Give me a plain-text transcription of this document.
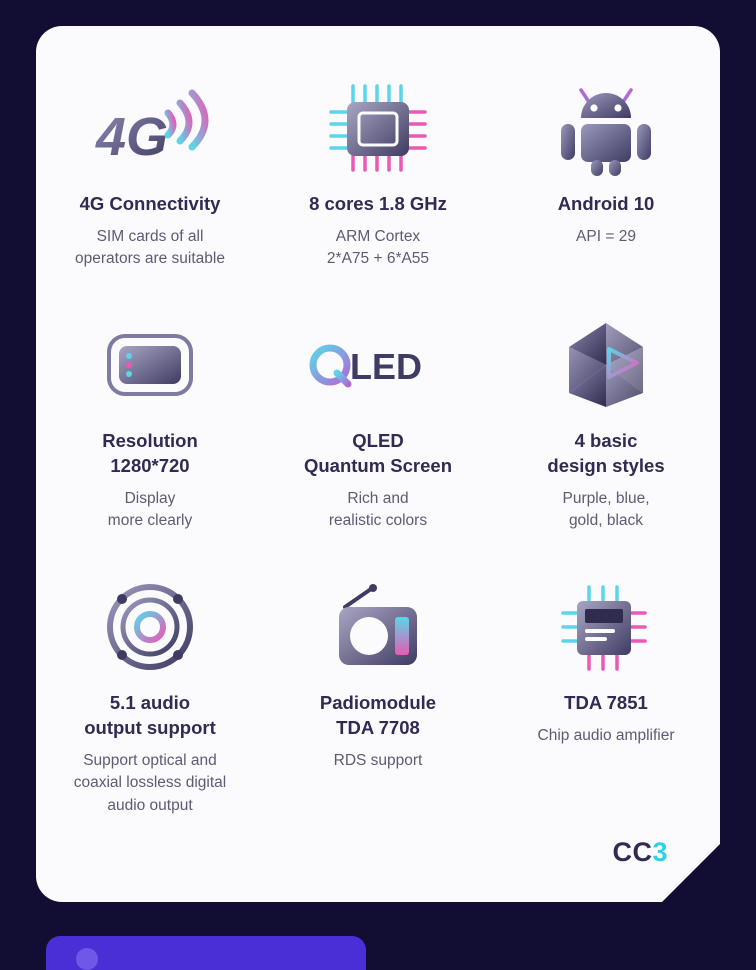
4G
4G Connectivity
SIM cards of all
operators are suitable
8 cores 1.8 GHz
ARM Cortex
2*A75 + 6*A55
Android 10
API = 29
Resolution
1280*720
Display
more clearly
LED
QLED
Quantum Screen
Rich and
realistic colors
4 basic
design styles
Purple, blue,
gold, black
5.1 audio
output support
Support optical and
coaxial lossless digital
audio output
Padiomodule
TDA 7708
RDS support
TDA 7851
Chip audio amplifier
CC3
